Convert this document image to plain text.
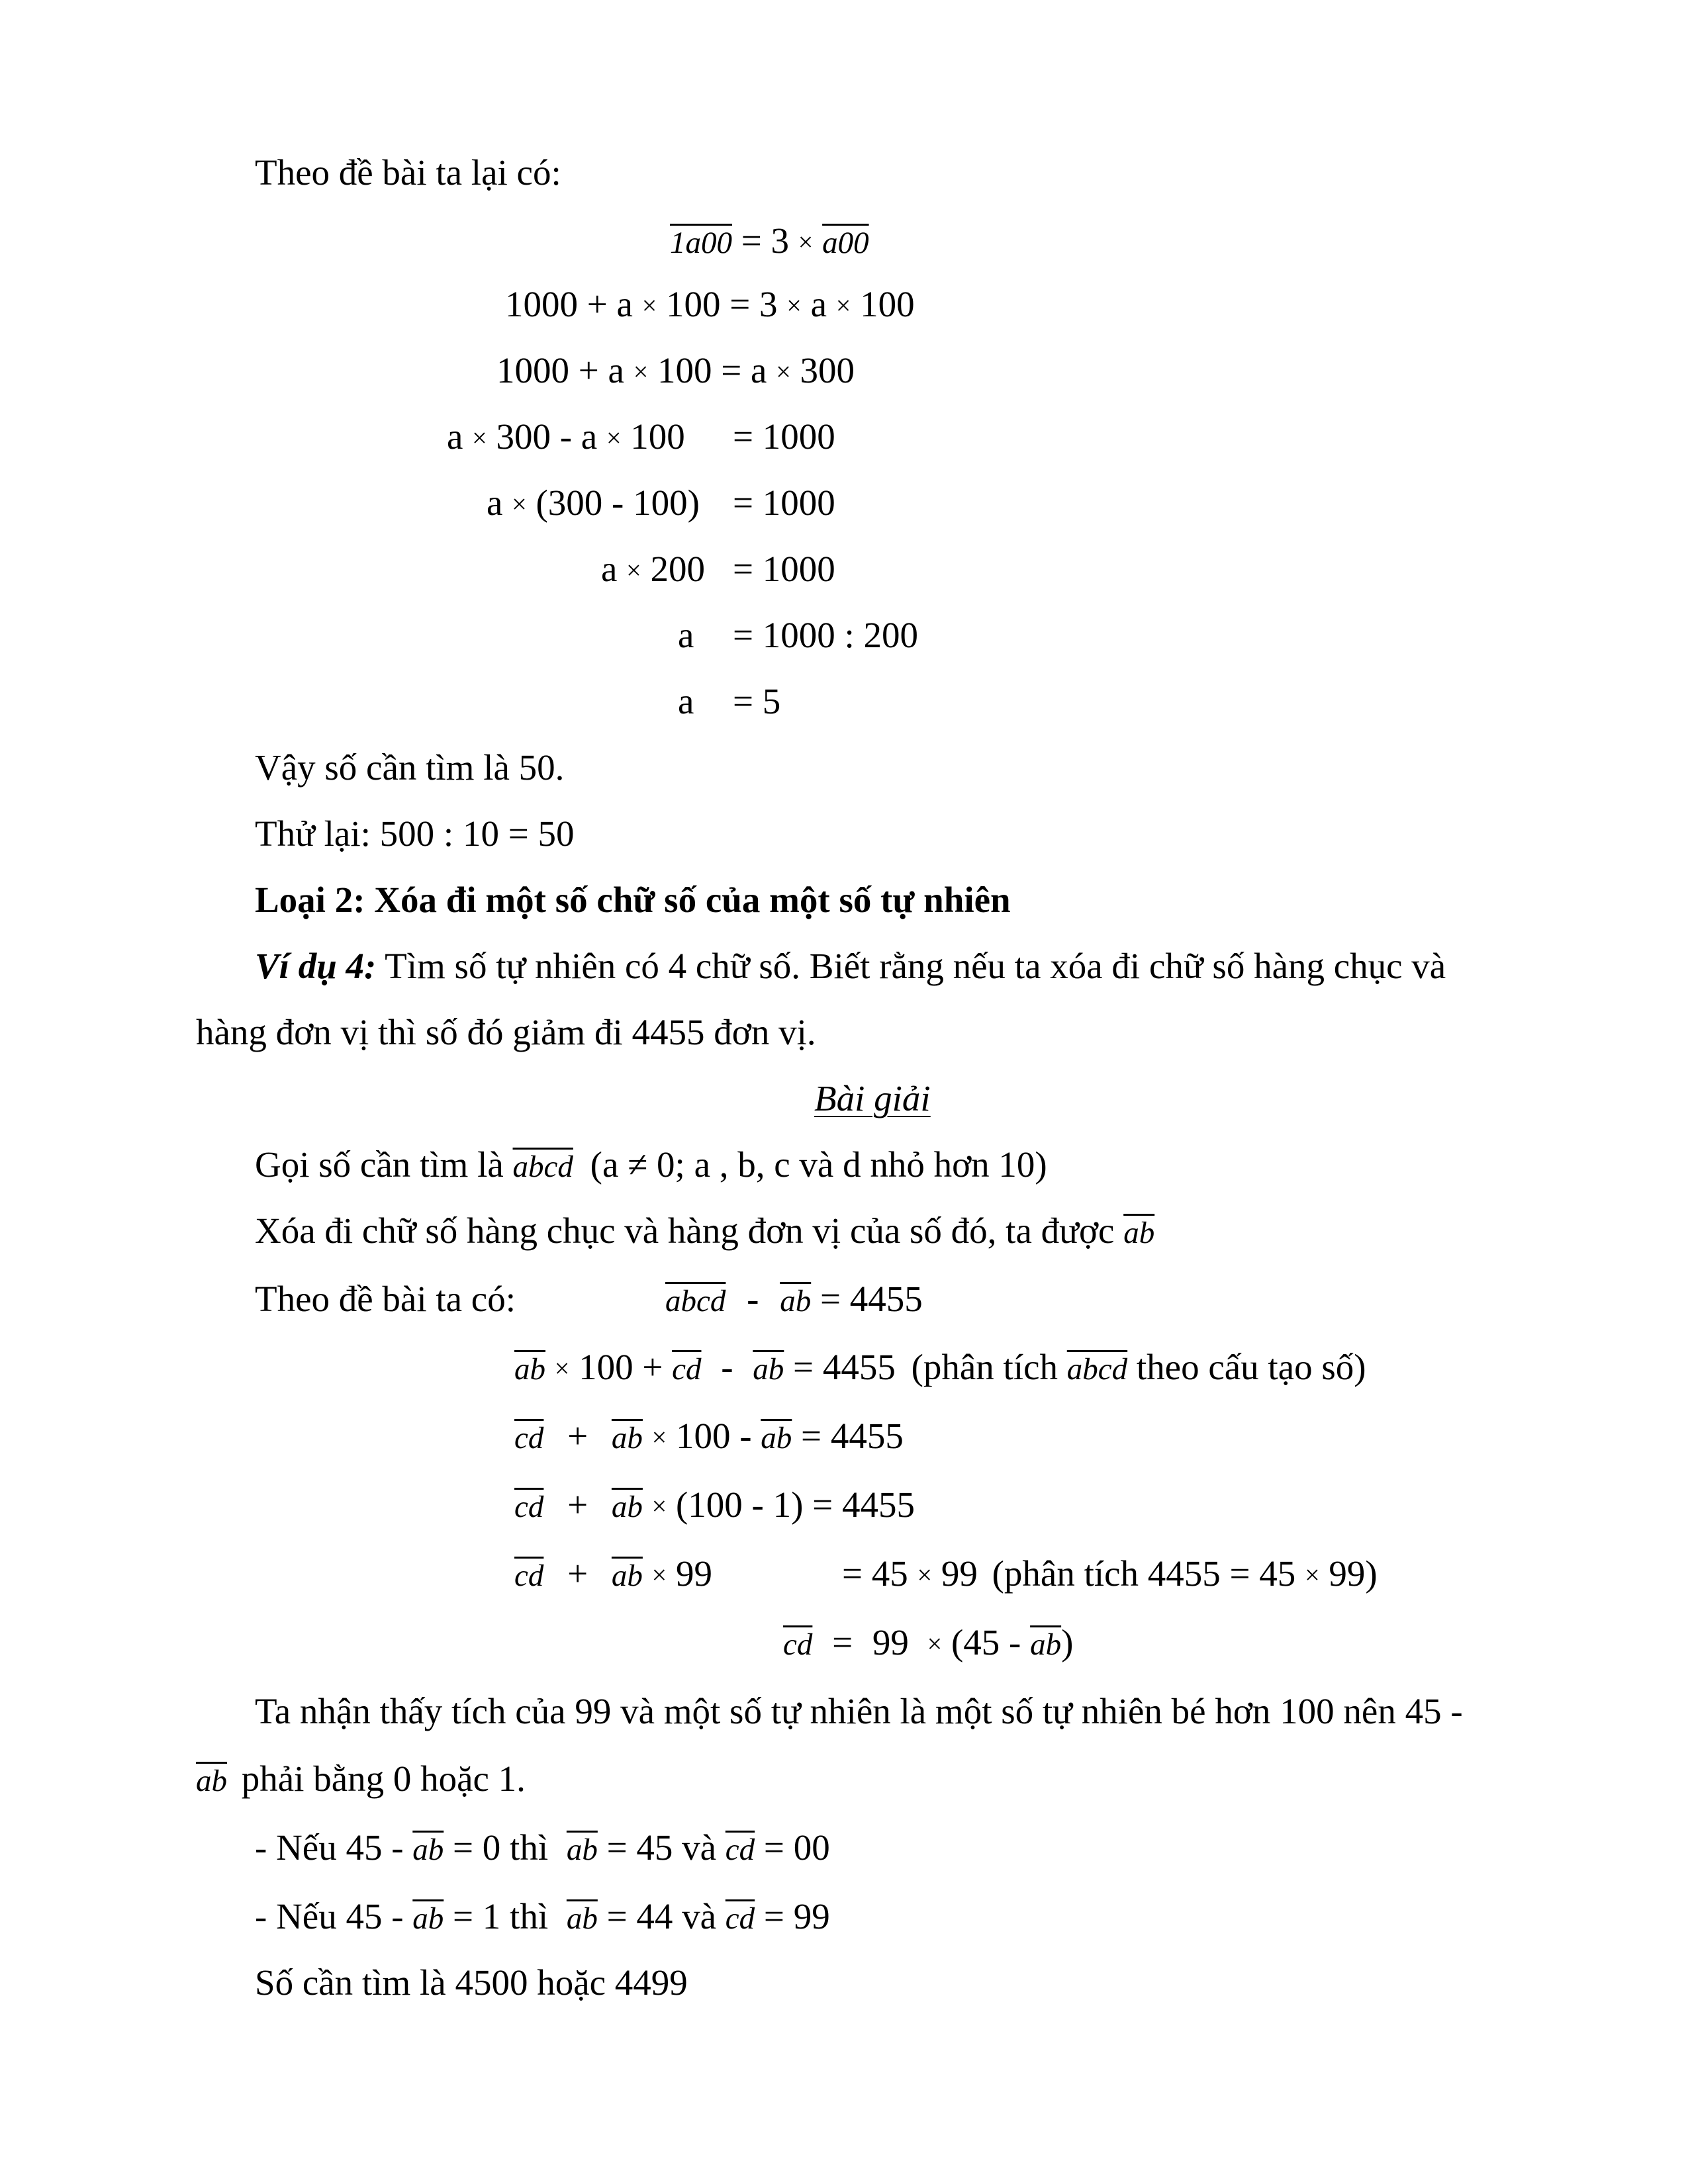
Theo đề bài ta lại có:
1a00 = 3 × a00
1000 + a × 100 = 3 × a × 100
1000 + a × 100 = a × 300
a × 300 - a × 100 = 1000
a × (300 - 100) = 1000
a × 200 = 1000
a = 1000 : 200
a = 5
Vậy số cần tìm là 50.
Thử lại: 500 : 10 = 50
Loại 2: Xóa đi một số chữ số của một số tự nhiên
Ví dụ 4: Tìm số tự nhiên có 4 chữ số. Biết rằng nếu ta xóa đi chữ số hàng chục và
hàng đơn vị thì số đó giảm đi 4455 đơn vị.
Bài giải
Gọi số cần tìm là abcd (a ≠ 0; a , b, c và d nhỏ hơn 10)
Xóa đi chữ số hàng chục và hàng đơn vị của số đó, ta được $\overline{ab}$
Theo đề bài ta có:	abcd - $\overline{ab} = 4455$
$\overline{ab} \times 100 + \overline{cd} - \overline{ab} = 4455$ (phân tích abcd theo cấu tạo số)
$\overline{cd} + \overline{ab} \times 100 - \overline{ab} = 4455$
$\overline{cd} + \overline{ab} \times (100 - 1) = 4455$
$\overline{cd} + \overline{ab} \times 99$	= 45 × 99 (phân tích 4455 = 45 × 99)
$\overline{cd} = 99 \times (45 - \overline{ab})$
Ta nhận thấy tích của 99 và một số tự nhiên là một số tự nhiên bé hơn 100 nên 45 -
$\overline{ab}$ phải bằng 0 hoặc 1.
- Nếu $45 - \overline{ab} = 0$ thì $\overline{ab} = 45$ và $\overline{cd} = 00$
- Nếu $45 - \overline{ab} = 1$ thì $\overline{ab} = 44$ và $\overline{cd} = 99$
Số cần tìm là 4500 hoặc 4499
